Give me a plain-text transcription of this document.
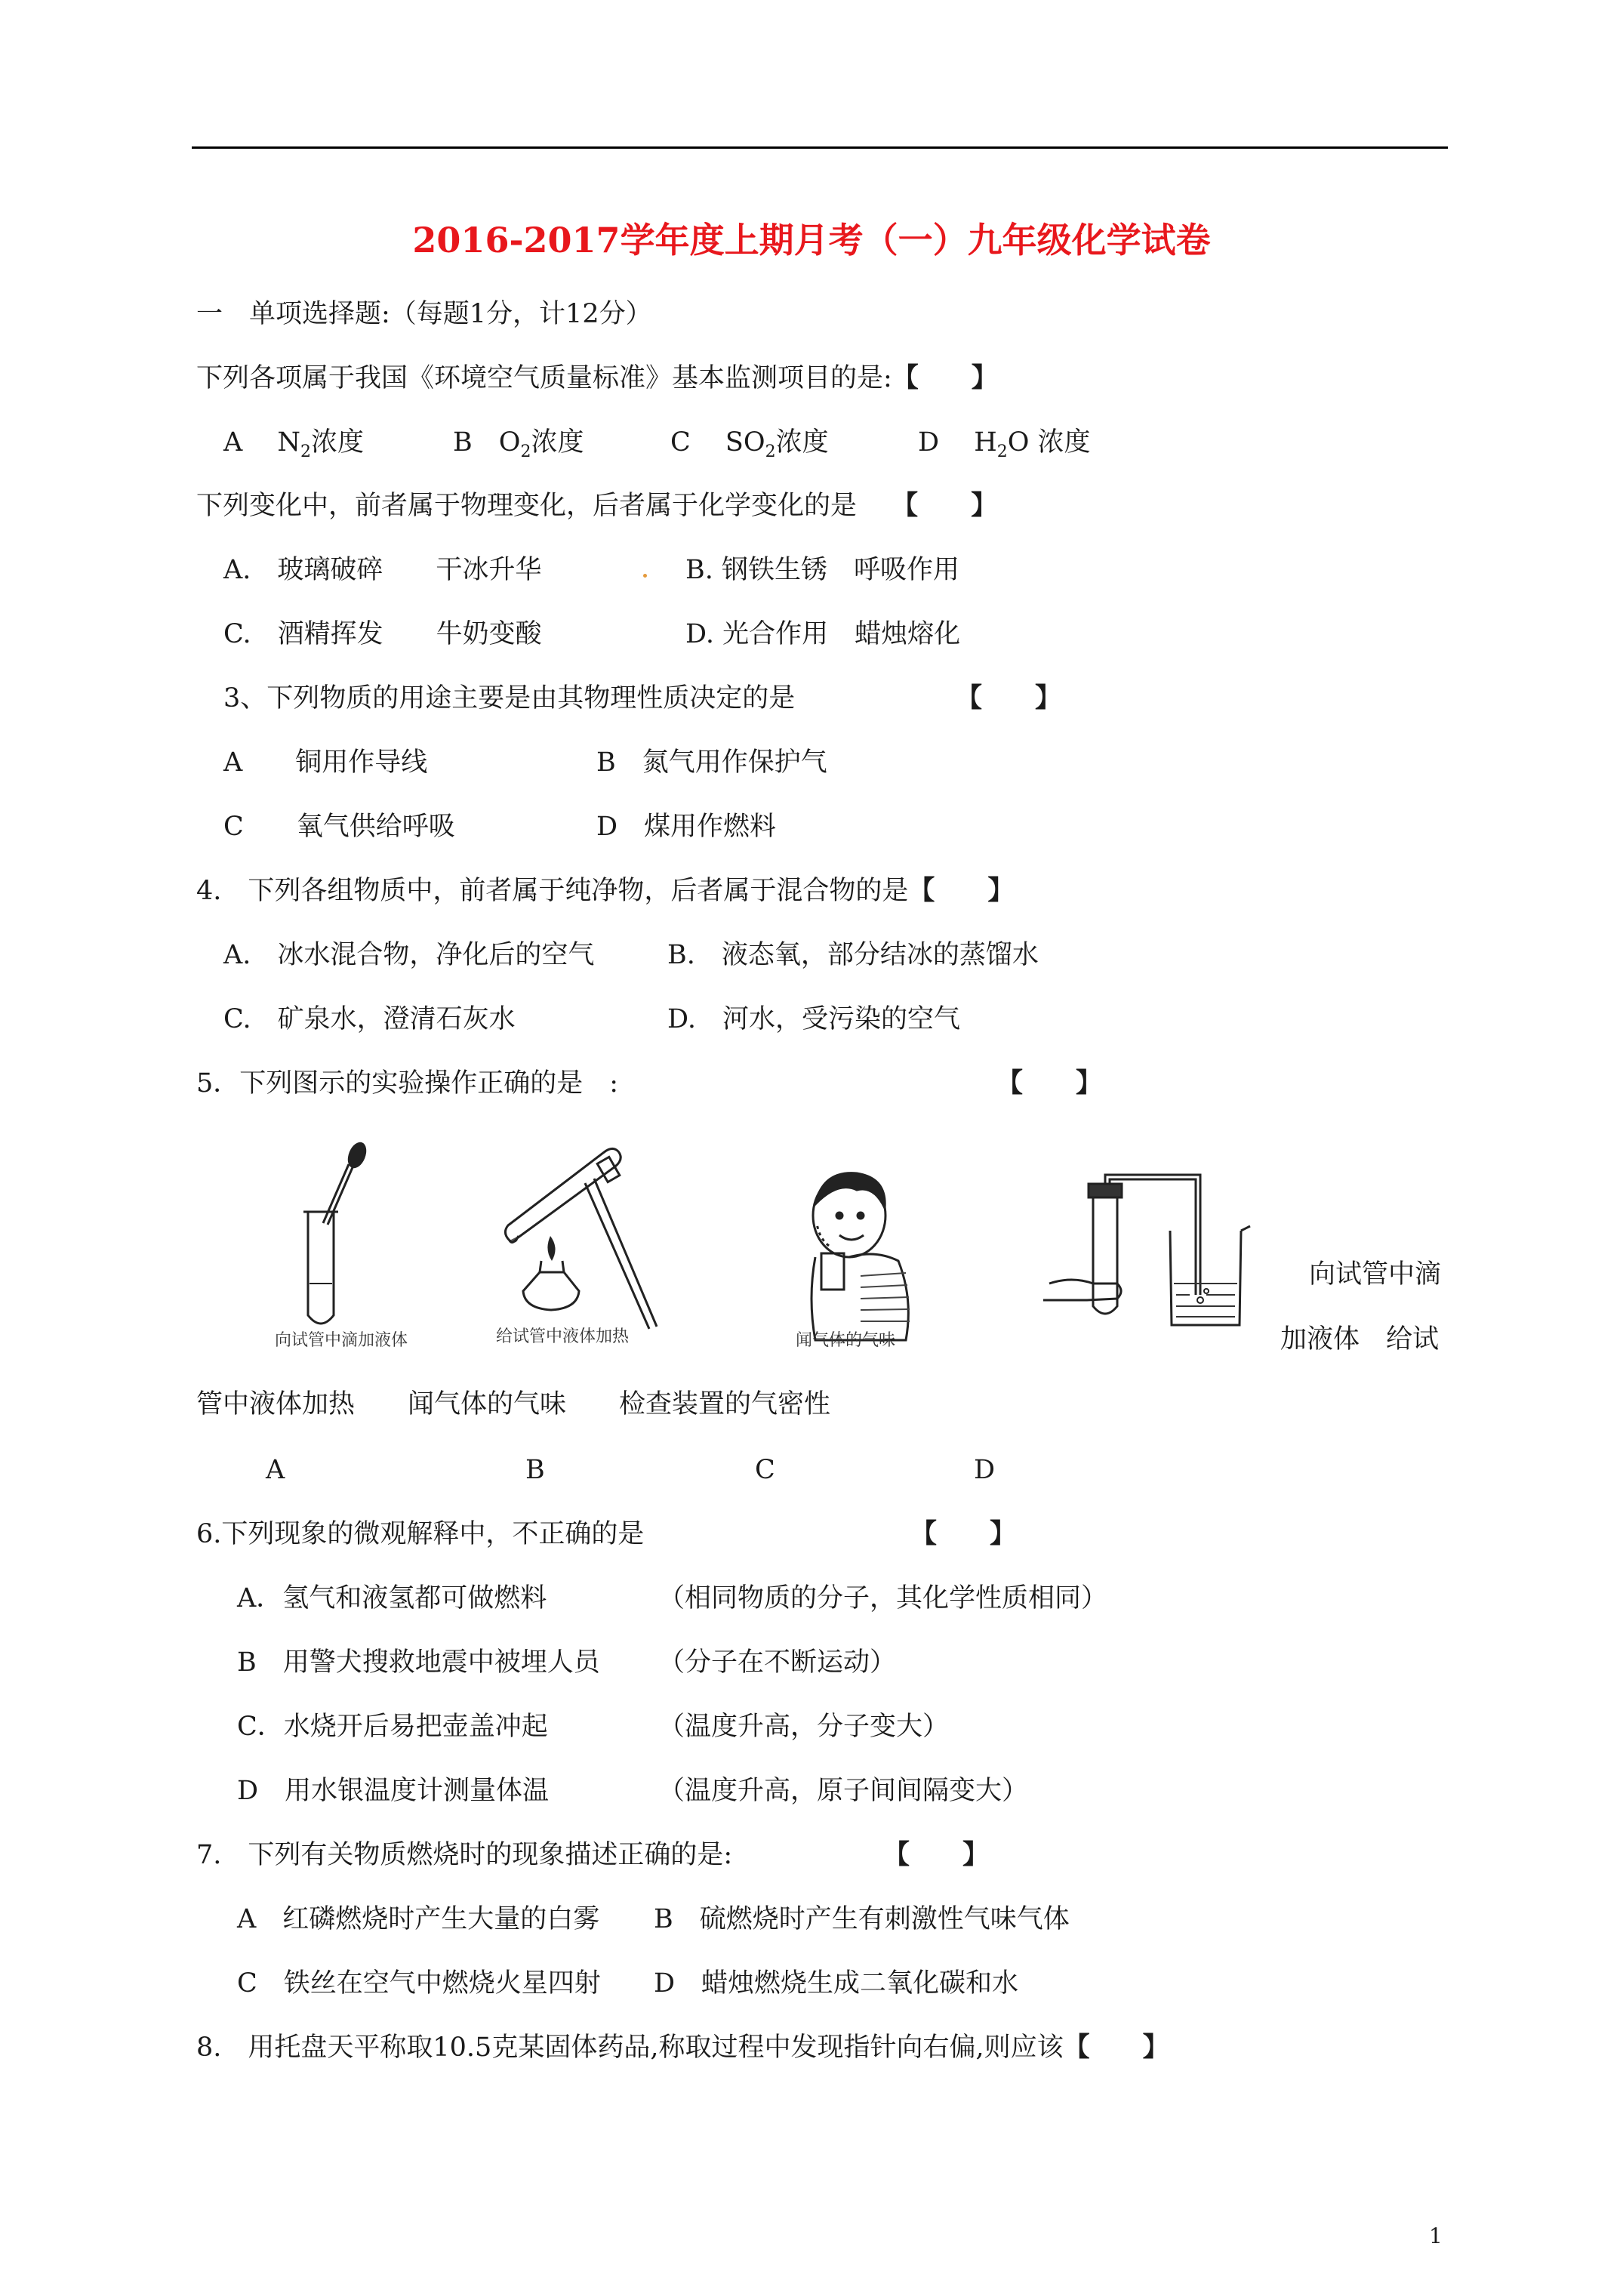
2016-2017学年度上期月考（一）九年级化学试卷
一　单项选择题:（每题1分，计12分）
下列各项属于我国《环境空气质量标准》基本监测项目的是:【　　】
A　 $N_2$浓度	B　 $O_2$浓度	C　 $SO_2$浓度	D　 $H_2O$ 浓度
下列变化中，前者属于物理变化，后者属于化学变化的是　 【　　】
A.　玻璃破碎　　干冰升华	B. 钢铁生锈　呼吸作用
C.　酒精挥发　　牛奶变酸	D. 光合作用　蜡烛熔化
3、下列物质的用途主要是由其物理性质决定的是	【　　】
A　　铜用作导线	B　氮气用作保护气
C　　氧气供给呼吸	D　煤用作燃料
4.　下列各组物质中，前者属于纯净物，后者属于混合物的是【　　】
A.　冰水混合物，净化后的空气	B.　液态氧，部分结冰的蒸馏水
C.　矿泉水，澄清石灰水	D.　河水，受污染的空气
5．下列图示的实验操作正确的是　:	【　　】
向试管中滴加液体	给试管中液体加热	闻气体的气味
向试管中滴
加液体　给试
管中液体加热　　闻气体的气味　　检查装置的气密性
A	B	C	D
6.下列现象的微观解释中，不正确的是	【　　】
A．氢气和液氢都可做燃料	（相同物质的分子，其化学性质相同）
B　用警犬搜救地震中被埋人员 （分子在不断运动）
C．水烧开后易把壶盖冲起	（温度升高，分子变大）
D　用水银温度计测量体温	（温度升高，原子间间隔变大）
7.　下列有关物质燃烧时的现象描述正确的是:	【　　】
A　红磷燃烧时产生大量的白雾 B　硫燃烧时产生有刺激性气味气体
C　铁丝在空气中燃烧火星四射 D　蜡烛燃烧生成二氧化碳和水
8.　用托盘天平称取10.5克某固体药品,称取过程中发现指针向右偏,则应该【　　】
1
